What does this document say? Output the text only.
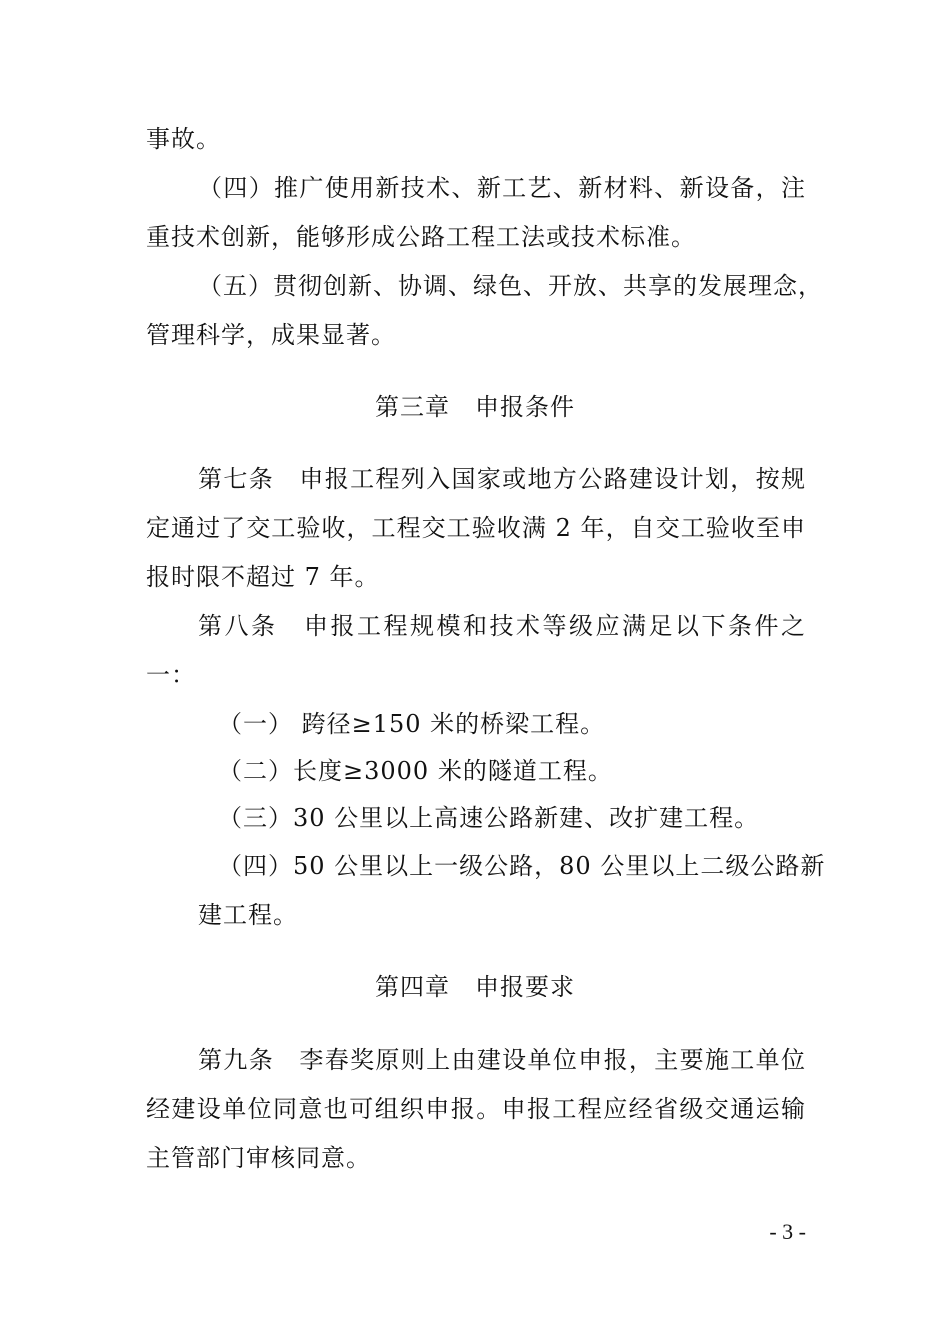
事故。
（四）推广使用新技术、新工艺、新材料、新设备，注
重技术创新，能够形成公路工程工法或技术标准。
（五）贯彻创新、协调、绿色、开放、共享的发展理念，
管理科学，成果显著。
第三章　申报条件
第七条　申报工程列入国家或地方公路建设计划，按规
定通过了交工验收，工程交工验收满 2 年，自交工验收至申
报时限不超过 7 年。
第八条　申报工程规模和技术等级应满足以下条件之
一：
（一） 跨径≥150 米的桥梁工程。
（二）长度≥3000 米的隧道工程。
（三）30 公里以上高速公路新建、改扩建工程。
（四）50 公里以上一级公路，80 公里以上二级公路新
建工程。
第四章　申报要求
第九条　李春奖原则上由建设单位申报，主要施工单位
经建设单位同意也可组织申报。申报工程应经省级交通运输
主管部门审核同意。
- 3 -
